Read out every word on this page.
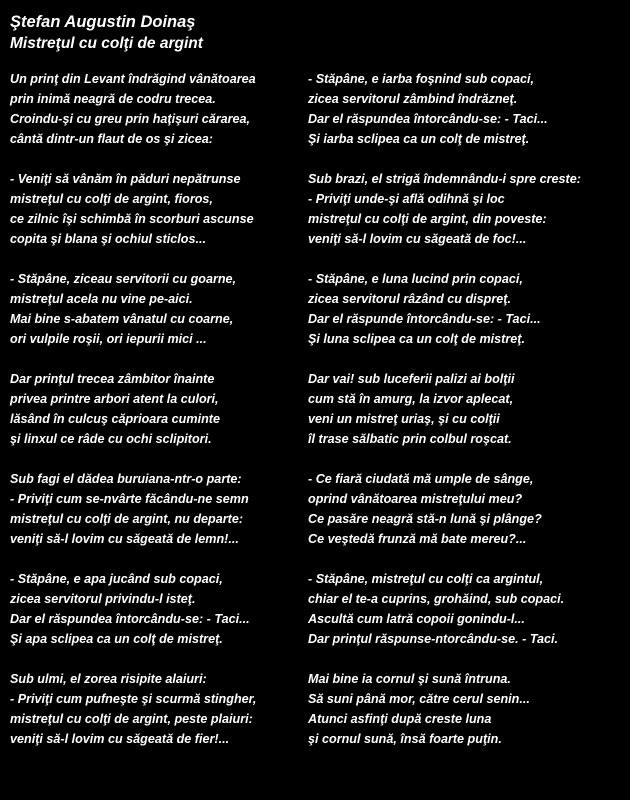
Ştefan Augustin Doinaş
Mistreţul cu colţi de argint
Un prinţ din Levant îndrăgind vânătoarea
prin inimă neagră de codru trecea.
Croindu-şi cu greu prin haţişuri cărarea,
cântă dintr-un flaut de os şi zicea:
- Veniţi să vânăm în păduri nepătrunse
mistreţul cu colţi de argint, fioros,
ce zilnic îşi schimbă în scorburi ascunse
copita şi blana şi ochiul sticlos...
- Stăpâne, ziceau servitorii cu goarne,
mistreţul acela nu vine pe-aici.
Mai bine s-abatem vânatul cu coarne,
ori vulpile roşii, ori iepurii mici ...
Dar prinţul trecea zâmbitor înainte
privea printre arbori atent la culori,
lăsând în culcuş căprioara cuminte
şi linxul ce râde cu ochi sclipitori.
Sub fagi el dădea buruiana-ntr-o parte:
- Priviţi cum se-nvârte făcându-ne semn
mistreţul cu colţi de argint, nu departe:
veniţi să-l lovim cu săgeată de lemn!...
- Stăpâne, e apa jucând sub copaci,
zicea servitorul privindu-l isteţ.
Dar el răspundea întorcându-se: - Taci...
Şi apa sclipea ca un colţ de mistreţ.
Sub ulmi, el zorea risipite alaiuri:
- Priviţi cum pufneşte şi scurmă stingher,
mistreţul cu colţi de argint, peste plaiuri:
veniţi să-l lovim cu săgeată de fier!...
- Stăpâne, e iarba foşnind sub copaci,
zicea servitorul zâmbind îndrăzneţ.
Dar el răspundea întorcându-se: - Taci...
Şi iarba sclipea ca un colţ de mistreţ.
Sub brazi, el strigă îndemnându-i spre creste:
- Priviţi unde-şi află odihnă şi loc
mistreţul cu colţi de argint, din poveste:
veniţi să-l lovim cu săgeată de foc!...
- Stăpâne, e luna lucind prin copaci,
zicea servitorul râzând cu dispreţ.
Dar el răspunde întorcându-se: - Taci...
Şi luna sclipea ca un colţ de mistreţ.
Dar vai! sub luceferii palizi ai bolţii
cum stă în amurg, la izvor aplecat,
veni un mistreţ uriaş, şi cu colţii
îl trase sălbatic prin colbul roşcat.
- Ce fiară ciudată mă umple de sânge,
oprind vânătoarea mistreţului meu?
Ce pasăre neagră stă-n lună şi plânge?
Ce veştedă frunză mă bate mereu?...
- Stăpâne, mistreţul cu colţi ca argintul,
chiar el te-a cuprins, grohăind, sub copaci.
Ascultă cum latră copoii gonindu-l...
Dar prinţul răspunse-ntorcându-se. - Taci.
Mai bine ia cornul şi sună întruna.
Să suni până mor, către cerul senin...
Atunci asfinţi după creste luna
şi cornul sună, însă foarte puţin.
